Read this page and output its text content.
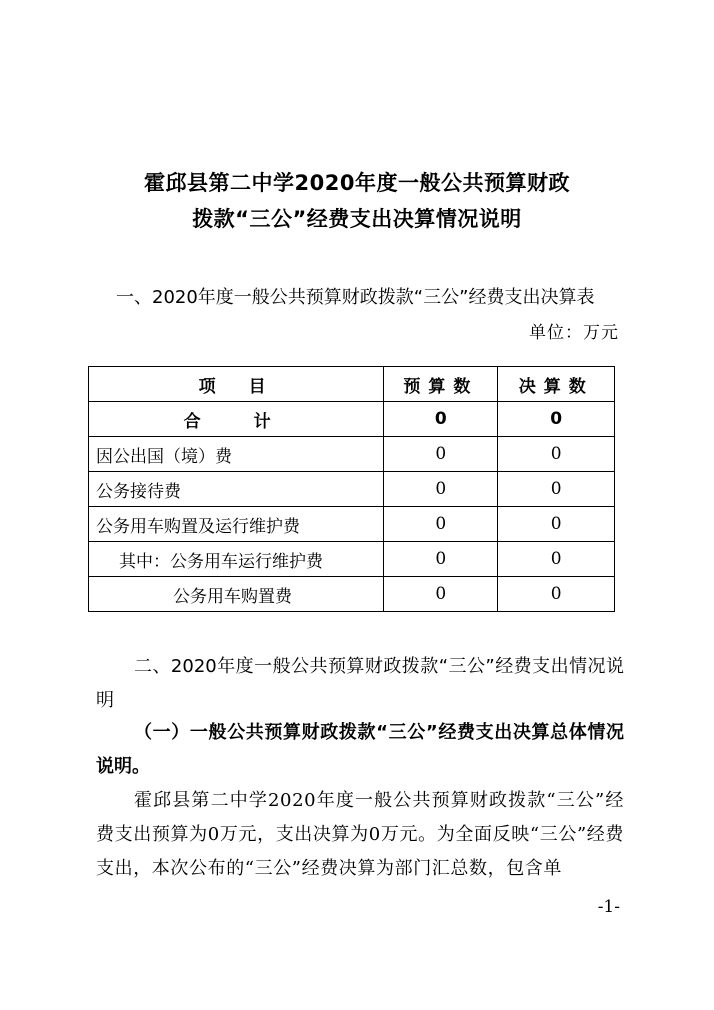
霍邱县第二中学2020年度一般公共预算财政
拨款“三公”经费支出决算情况说明
一、2020年度一般公共预算财政拨款“三公”经费支出决算表
单位：万元
项　目	预算数	决算数
合　计	0	0
因公出国（境）费	0	0
公务接待费	0	0
公务用车购置及运行维护费	0	0
其中：公务用车运行维护费	0	0
公务用车购置费	0	0
二、2020年度一般公共预算财政拨款“三公”经费支出情况说明
（一）一般公共预算财政拨款“三公”经费支出决算总体情况说明。
霍邱县第二中学2020年度一般公共预算财政拨款“三公”经费支出预算为0万元，支出决算为0万元。为全面反映“三公”经费支出，本次公布的“三公”经费决算为部门汇总数，包含单
-1-
